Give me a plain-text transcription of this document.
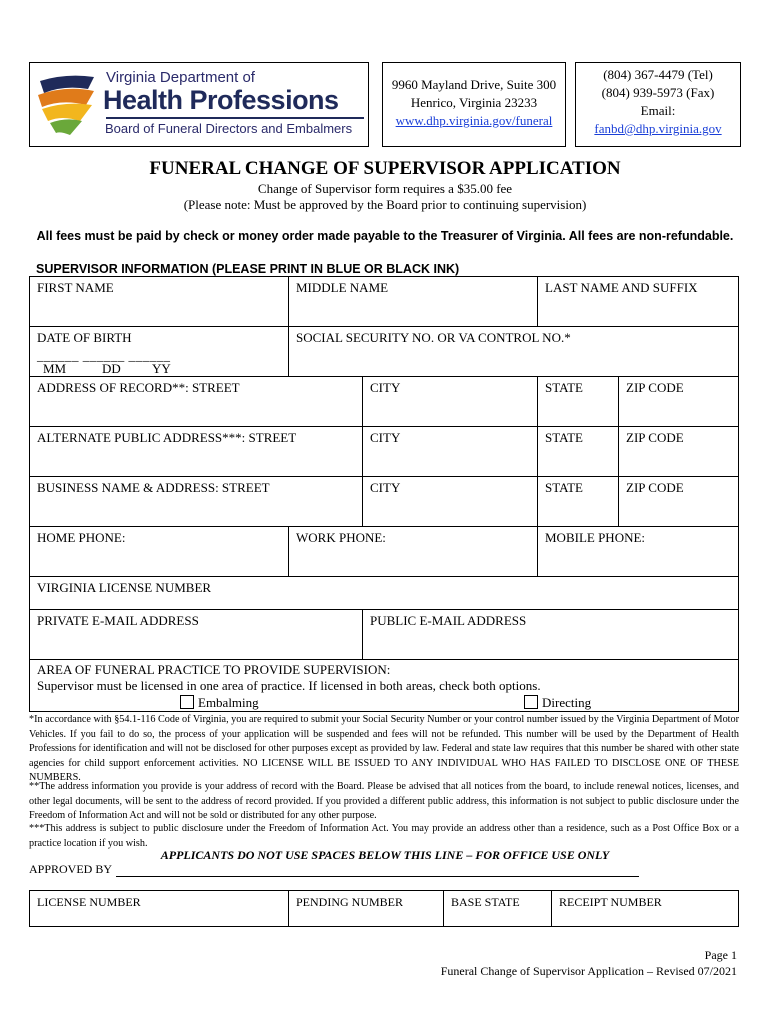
Virginia Department of
Health Professions
Board of Funeral Directors and Embalmers
9960 Mayland Drive, Suite 300
Henrico, Virginia 23233
www.dhp.virginia.gov/funeral
(804) 367-4479 (Tel)
(804) 939-5973 (Fax)
Email:
fanbd@dhp.virginia.gov
FUNERAL CHANGE OF SUPERVISOR APPLICATION
Change of Supervisor form requires a $35.00 fee
(Please note: Must be approved by the Board prior to continuing supervision)
All fees must be paid by check or money order made payable to the Treasurer of Virginia. All fees are non-refundable.
SUPERVISOR INFORMATION (PLEASE PRINT IN BLUE OR BLACK INK)
FIRST NAME	MIDDLE NAME	LAST NAME AND SUFFIX
DATE OF BIRTH
______ ______ ______
MM	DD YY
SOCIAL SECURITY NO. OR VA CONTROL NO.*
ADDRESS OF RECORD**: STREET	CITY	STATE	ZIP CODE
ALTERNATE PUBLIC ADDRESS***: STREET	CITY	STATE	ZIP CODE
BUSINESS NAME & ADDRESS: STREET	CITY	STATE	ZIP CODE
HOME PHONE:	WORK PHONE:	MOBILE PHONE:
VIRGINIA LICENSE NUMBER
PRIVATE E-MAIL ADDRESS	PUBLIC E-MAIL ADDRESS
AREA OF FUNERAL PRACTICE TO PROVIDE SUPERVISION:
Supervisor must be licensed in one area of practice. If licensed in both areas, check both options.
Embalming	Directing
*In accordance with §54.1-116 Code of Virginia, you are required to submit your Social Security Number or your control number issued by the Virginia Department of Motor Vehicles. If you fail to do so, the process of your application will be suspended and fees will not be refunded. This number will be used by the Department of Health Professions for identification and will not be disclosed for other purposes except as provided by law. Federal and state law requires that this number be shared with other state agencies for child support enforcement activities. NO LICENSE WILL BE ISSUED TO ANY INDIVIDUAL WHO HAS FAILED TO DISCLOSE ONE OF THESE NUMBERS.
**The address information you provide is your address of record with the Board. Please be advised that all notices from the board, to include renewal notices, licenses, and other legal documents, will be sent to the address of record provided. If you provided a different public address, this information is not subject to public disclosure under the Freedom of Information Act and will not be sold or distributed for any other purpose.
***This address is subject to public disclosure under the Freedom of Information Act. You may provide an address other than a residence, such as a Post Office Box or a practice location if you wish.
APPLICANTS DO NOT USE SPACES BELOW THIS LINE – FOR OFFICE USE ONLY
APPROVED BY
LICENSE NUMBER	PENDING NUMBER	BASE STATE	RECEIPT NUMBER
Page 1
Funeral Change of Supervisor Application – Revised 07/2021
